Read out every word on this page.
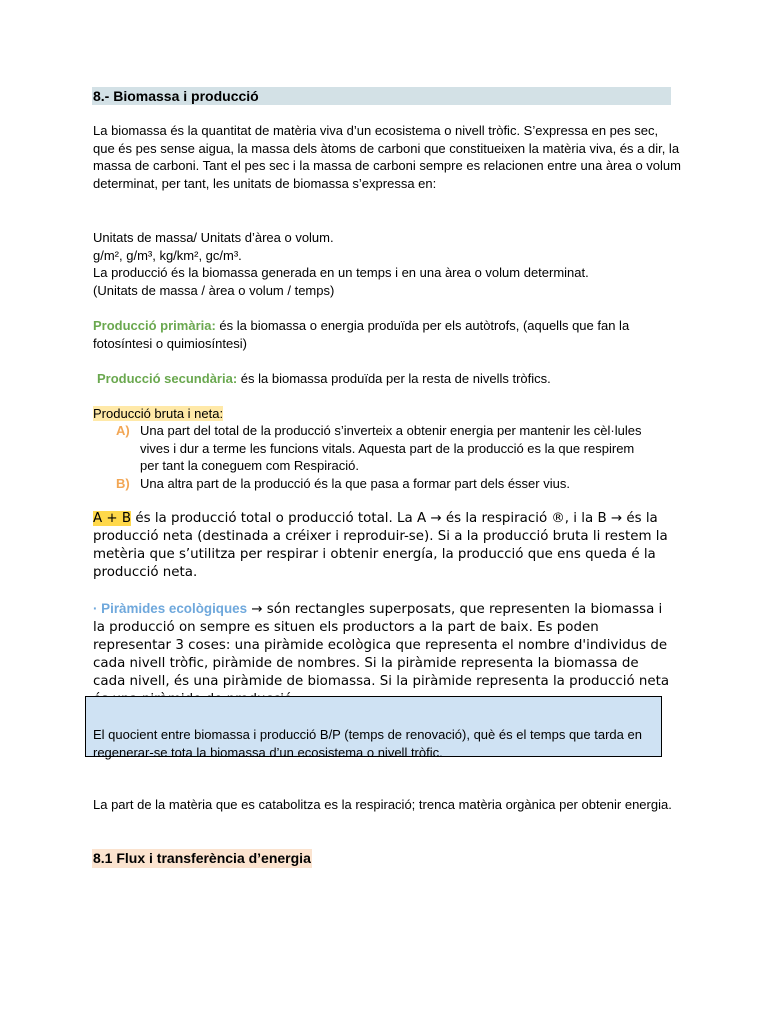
8.- Biomassa i producció
La biomassa és la quantitat de matèria viva d’un ecosistema o nivell tròfic. S’expressa en pes sec, que és pes sense aigua, la massa dels àtoms de carboni que constitueixen la matèria viva, és a dir, la massa de carboni. Tant el pes sec i la massa de carboni sempre es relacionen entre una àrea o volum determinat, per tant, les unitats de biomassa s’expressa en:
Unitats de massa/ Unitats d’àrea o volum.
g/m², g/m³, kg/km², gc/m³.
La producció és la biomassa generada en un temps i en una àrea o volum determinat.
(Unitats de massa / àrea o volum / temps)
Producció primària: és la biomassa o energia produïda per els autòtrofs, (aquells que fan la fotosíntesi o quimiosíntesi)
Producció secundària: és la biomassa produïda per la resta de nivells tròfics.
Producció bruta i neta:
A) Una part del total de la producció s’inverteix a obtenir energia per mantenir les cèl·lules vives i dur a terme les funcions vitals. Aquesta part de la producció es la que respirem per tant la coneguem com Respiració.
B) Una altra part de la producció és la que pasa a formar part dels ésser vius.
A + B és la producció total o producció total. La A → és la respiració ®, i la B → és la producció neta (destinada a créixer i reproduir-se). Si a la producció bruta li restem la metèria que s’utilitza per respirar i obtenir energía, la producció que ens queda é la producció neta.
· Piràmides ecològiques → són rectangles superposats, que representen la biomassa i la producció on sempre es situen els productors a la part de baix. Es poden representar 3 coses: una piràmide ecològica que representa el nombre d'individus de cada nivell tròfic, piràmide de nombres. Si la piràmide representa la biomassa de cada nivell, és una piràmide de biomassa. Si la piràmide representa la producció neta
El quocient entre biomassa i producció B/P (temps de renovació), què és el temps que tarda en regenerar-se tota la biomassa d’un ecosistema o nivell tròfic.
La part de la matèria que es catabolitza es la respiració; trenca matèria orgànica per obtenir energia.
8.1 Flux i transferència d’energia
